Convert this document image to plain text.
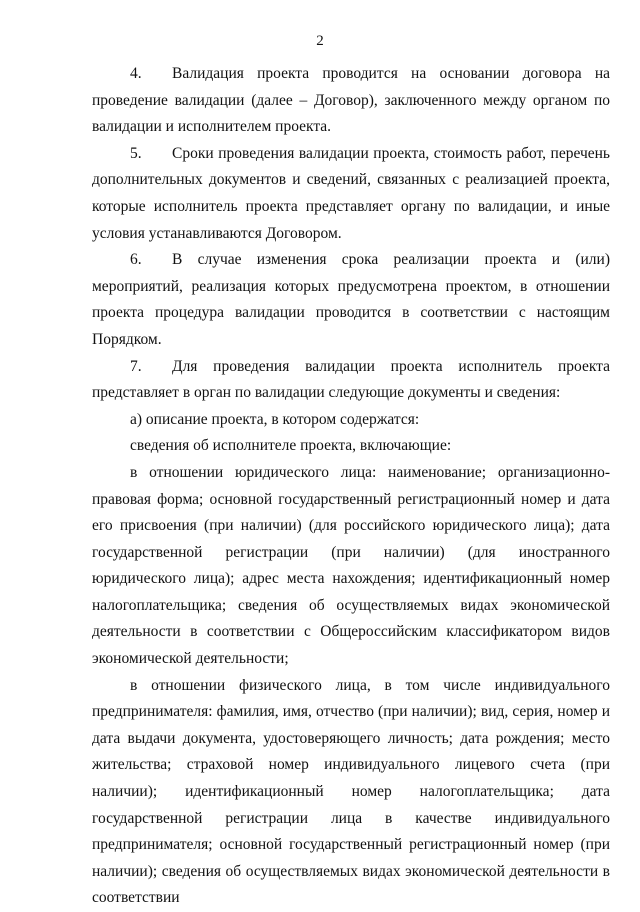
2

4. Валидация проекта проводится на основании договора на проведение валидации (далее – Договор), заключенного между органом по валидации и исполнителем проекта.

5. Сроки проведения валидации проекта, стоимость работ, перечень дополнительных документов и сведений, связанных с реализацией проекта, которые исполнитель проекта представляет органу по валидации, и иные условия устанавливаются Договором.

6. В случае изменения срока реализации проекта и (или) мероприятий, реализация которых предусмотрена проектом, в отношении проекта процедура валидации проводится в соответствии с настоящим Порядком.

7. Для проведения валидации проекта исполнитель проекта представляет в орган по валидации следующие документы и сведения:

а) описание проекта, в котором содержатся:

сведения об исполнителе проекта, включающие:

в отношении юридического лица: наименование; организационно-правовая форма; основной государственный регистрационный номер и дата его присвоения (при наличии) (для российского юридического лица); дата государственной регистрации (при наличии) (для иностранного юридического лица); адрес места нахождения; идентификационный номер налогоплательщика; сведения об осуществляемых видах экономической деятельности в соответствии с Общероссийским классификатором видов экономической деятельности;

в отношении физического лица, в том числе индивидуального предпринимателя: фамилия, имя, отчество (при наличии); вид, серия, номер и дата выдачи документа, удостоверяющего личность; дата рождения; место жительства; страховой номер индивидуального лицевого счета (при наличии); идентификационный номер налогоплательщика; дата государственной регистрации лица в качестве индивидуального предпринимателя; основной государственный регистрационный номер (при наличии); сведения об осуществляемых видах экономической деятельности в соответствии
